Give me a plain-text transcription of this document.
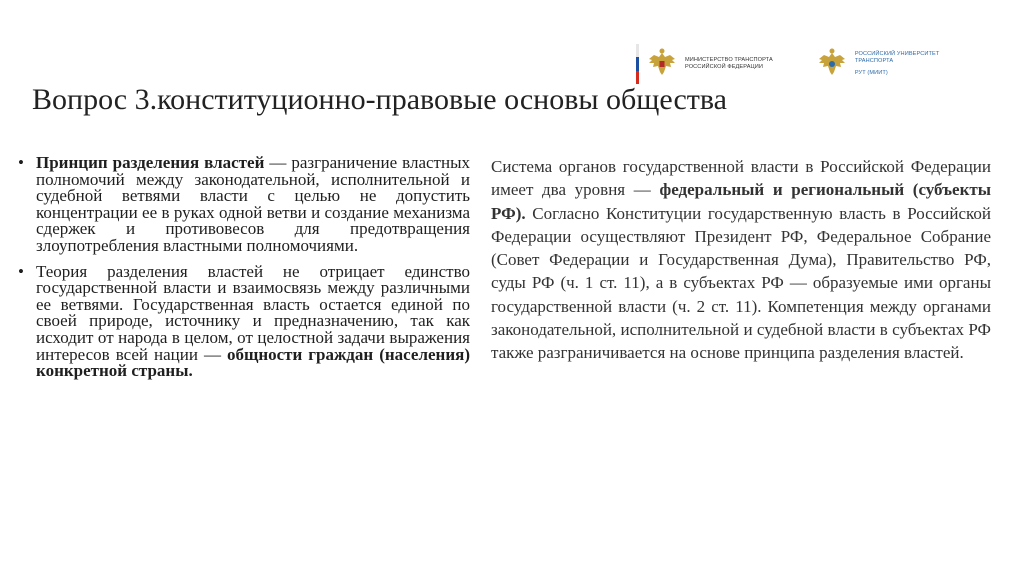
МИНИСТЕРСТВО ТРАНСПОРТА
РОССИЙСКОЙ ФЕДЕРАЦИИ
РОССИЙСКИЙ УНИВЕРСИТЕТ
ТРАНСПОРТА
РУТ (МИИТ)
Вопрос 3.конституционно-правовые основы общества
• Принцип разделения властей — разграничение властных полномочий между законодательной, исполнительной и судебной ветвями власти с целью не допустить концентрации ее в руках одной ветви и создание механизма сдержек и противовесов для предотвращения злоупотребления властными полномочиями.

• Теория разделения властей не отрицает единство государственной власти и взаимосвязь между различными ее ветвями. Государственная власть остается единой по своей природе, источнику и предназначению, так как исходит от народа в целом, от целостной задачи выражения интересов всей нации — общности граждан (населения) конкретной страны.

Система органов государственной власти в Российской Федерации имеет два уровня — федеральный и региональный (субъекты РФ). Согласно Конституции государственную власть в Российской Федерации осуществляют Президент РФ, Федеральное Собрание (Совет Федерации и Государственная Дума), Правительство РФ, суды РФ (ч. 1 ст. 11), а в субъектах РФ — образуемые ими органы государственной власти (ч. 2 ст. 11). Компетенция между органами законодательной, исполнительной и судебной власти в субъектах РФ также разграничивается на основе принципа разделения властей.
